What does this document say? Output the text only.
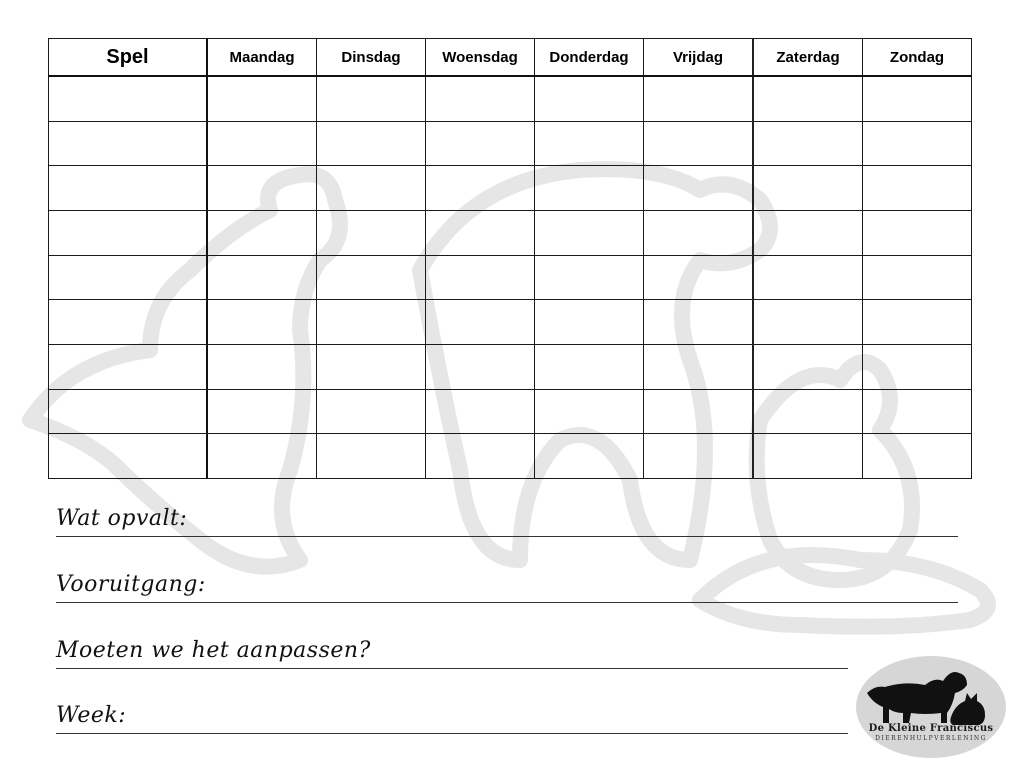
Spel	Maandag	Dinsdag	Woensdag	Donderdag	Vrijdag	Zaterdag	Zondag

Wat opvalt:
Vooruitgang:
Moeten we het aanpassen?
Week:
De Kleine Franciscus
DIERENHULPVERLENING
